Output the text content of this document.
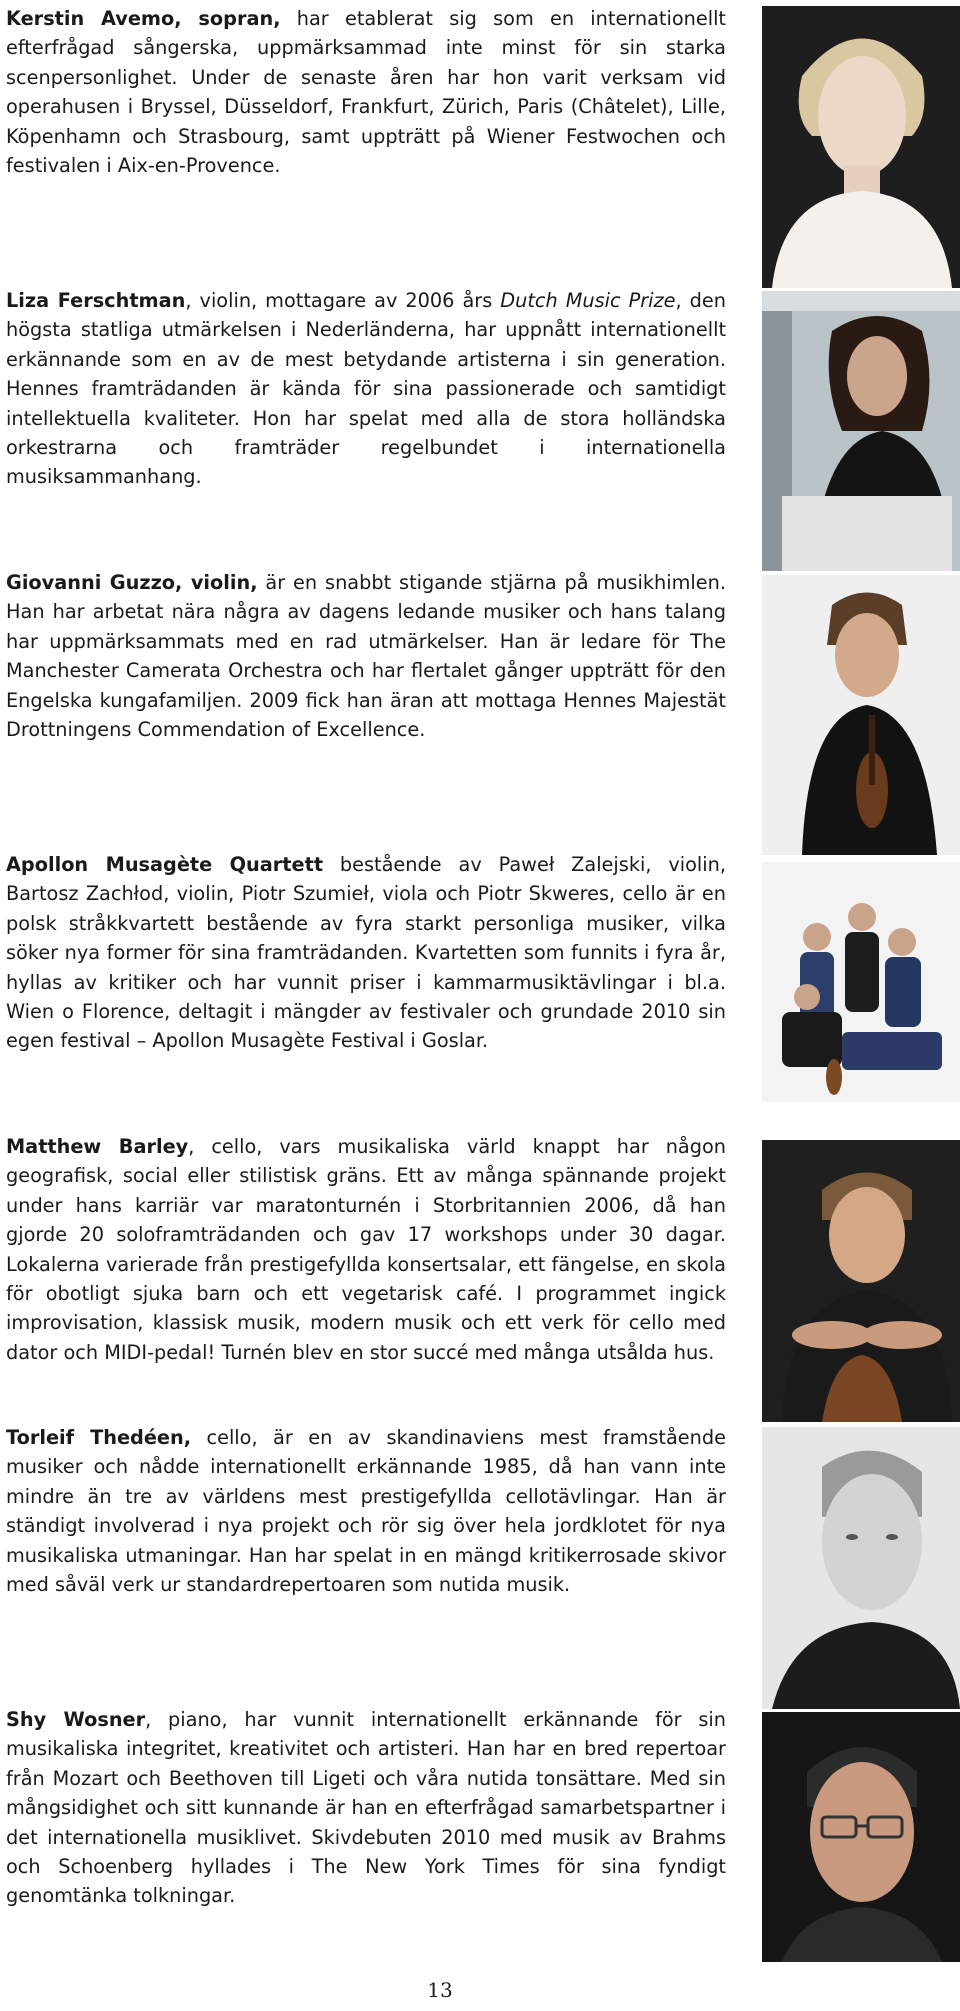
Kerstin Avemo, sopran, har etablerat sig som en internationellt efterfrågad sångerska, uppmärksammad inte minst för sin starka scenpersonlighet. Under de senaste åren har hon varit verksam vid operahusen i Bryssel, Düsseldorf, Frankfurt, Zürich, Paris (Châtelet), Lille, Köpenhamn och Strasbourg, samt uppträtt på Wiener Festwochen och festivalen i Aix-en-Provence.

Liza Ferschtman, violin, mottagare av 2006 års Dutch Music Prize, den högsta statliga utmärkelsen i Nederländerna, har uppnått internationellt erkännande som en av de mest betydande artisterna i sin generation. Hennes framträdanden är kända för sina passionerade och samtidigt intellektuella kvaliteter. Hon har spelat med alla de stora holländska orkestrarna och framträder regelbundet i internationella musiksammanhang.

Giovanni Guzzo, violin, är en snabbt stigande stjärna på musikhimlen. Han har arbetat nära några av dagens ledande musiker och hans talang har uppmärksammats med en rad utmärkelser. Han är ledare för The Manchester Camerata Orchestra och har flertalet gånger uppträtt för den Engelska kungafamiljen. 2009 fick han äran att mottaga Hennes Majestät Drottningens Commendation of Excellence.

Apollon Musagète Quartett bestående av Paweł Zalejski, violin, Bartosz Zachłod, violin, Piotr Szumieł, viola och Piotr Skweres, cello är en polsk stråkkvartett bestående av fyra starkt personliga musiker, vilka söker nya former för sina framträdanden. Kvartetten som funnits i fyra år, hyllas av kritiker och har vunnit priser i kammarmusiktävlingar i bl.a. Wien o Florence, deltagit i mängder av festivaler och grundade 2010 sin egen festival – Apollon Musagète Festival i Goslar.

Matthew Barley, cello, vars musikaliska värld knappt har någon geografisk, social eller stilistisk gräns. Ett av många spännande projekt under hans karriär var maratonturnén i Storbritannien 2006, då han gjorde 20 soloframträdanden och gav 17 workshops under 30 dagar. Lokalerna varierade från prestigefyllda konsertsalar, ett fängelse, en skola för obotligt sjuka barn och ett vegetarisk café. I programmet ingick improvisation, klassisk musik, modern musik och ett verk för cello med dator och MIDI-pedal! Turnén blev en stor succé med många utsålda hus.

Torleif Thedéen, cello, är en av skandinaviens mest framstående musiker och nådde internationellt erkännande 1985, då han vann inte mindre än tre av världens mest prestigefyllda cellotävlingar. Han är ständigt involverad i nya projekt och rör sig över hela jordklotet för nya musikaliska utmaningar. Han har spelat in en mängd kritikerrosade skivor med såväl verk ur standardrepertoaren som nutida musik.

Shy Wosner, piano, har vunnit internationellt erkännande för sin musikaliska integritet, kreativitet och artisteri. Han har en bred repertoar från Mozart och Beethoven till Ligeti och våra nutida tonsättare. Med sin mångsidighet och sitt kunnande är han en efterfrågad samarbetspartner i det internationella musiklivet. Skivdebuten 2010 med musik av Brahms och Schoenberg hyllades i The New York Times för sina fyndigt genomtänka tolkningar.

13
